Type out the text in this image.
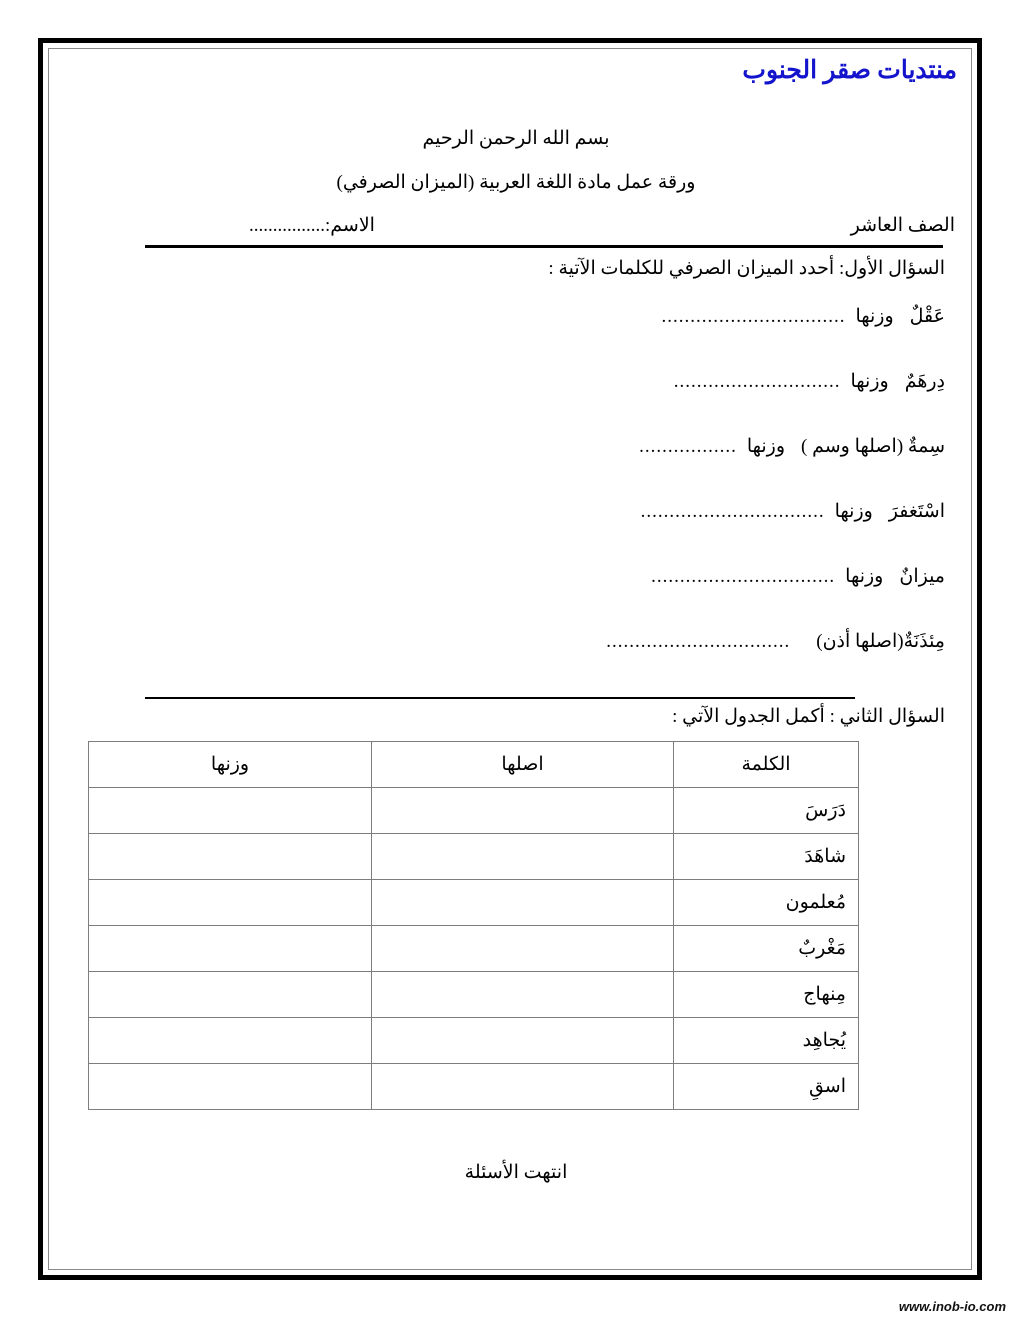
منتديات صقر الجنوب
بسم الله الرحمن الرحيم
ورقة عمل مادة اللغة العربية (الميزان الصرفي)
الصف العاشر
الاسم:................
السؤال الأول: أحدد الميزان الصرفي للكلمات الآتية :
عَقْلٌ
وزنها
................................
دِرهَمٌ
وزنها
.............................
سِمةٌ (اصلها وسم )
وزنها
.................
اسْتَغفرَ
وزنها
................................
ميزانٌ
وزنها
................................
مِئذَنَةٌ(اصلها أذن)
................................
السؤال الثاني : أكمل الجدول الآتي :
الكلمة	اصلها	وزنها
دَرَسَ		
شاهَدَ		
مُعلمون		
مَغْربٌ		
مِنهاج		
يُجاهِد		
اسقِ		
انتهت الأسئلة
www.inob-io.com
